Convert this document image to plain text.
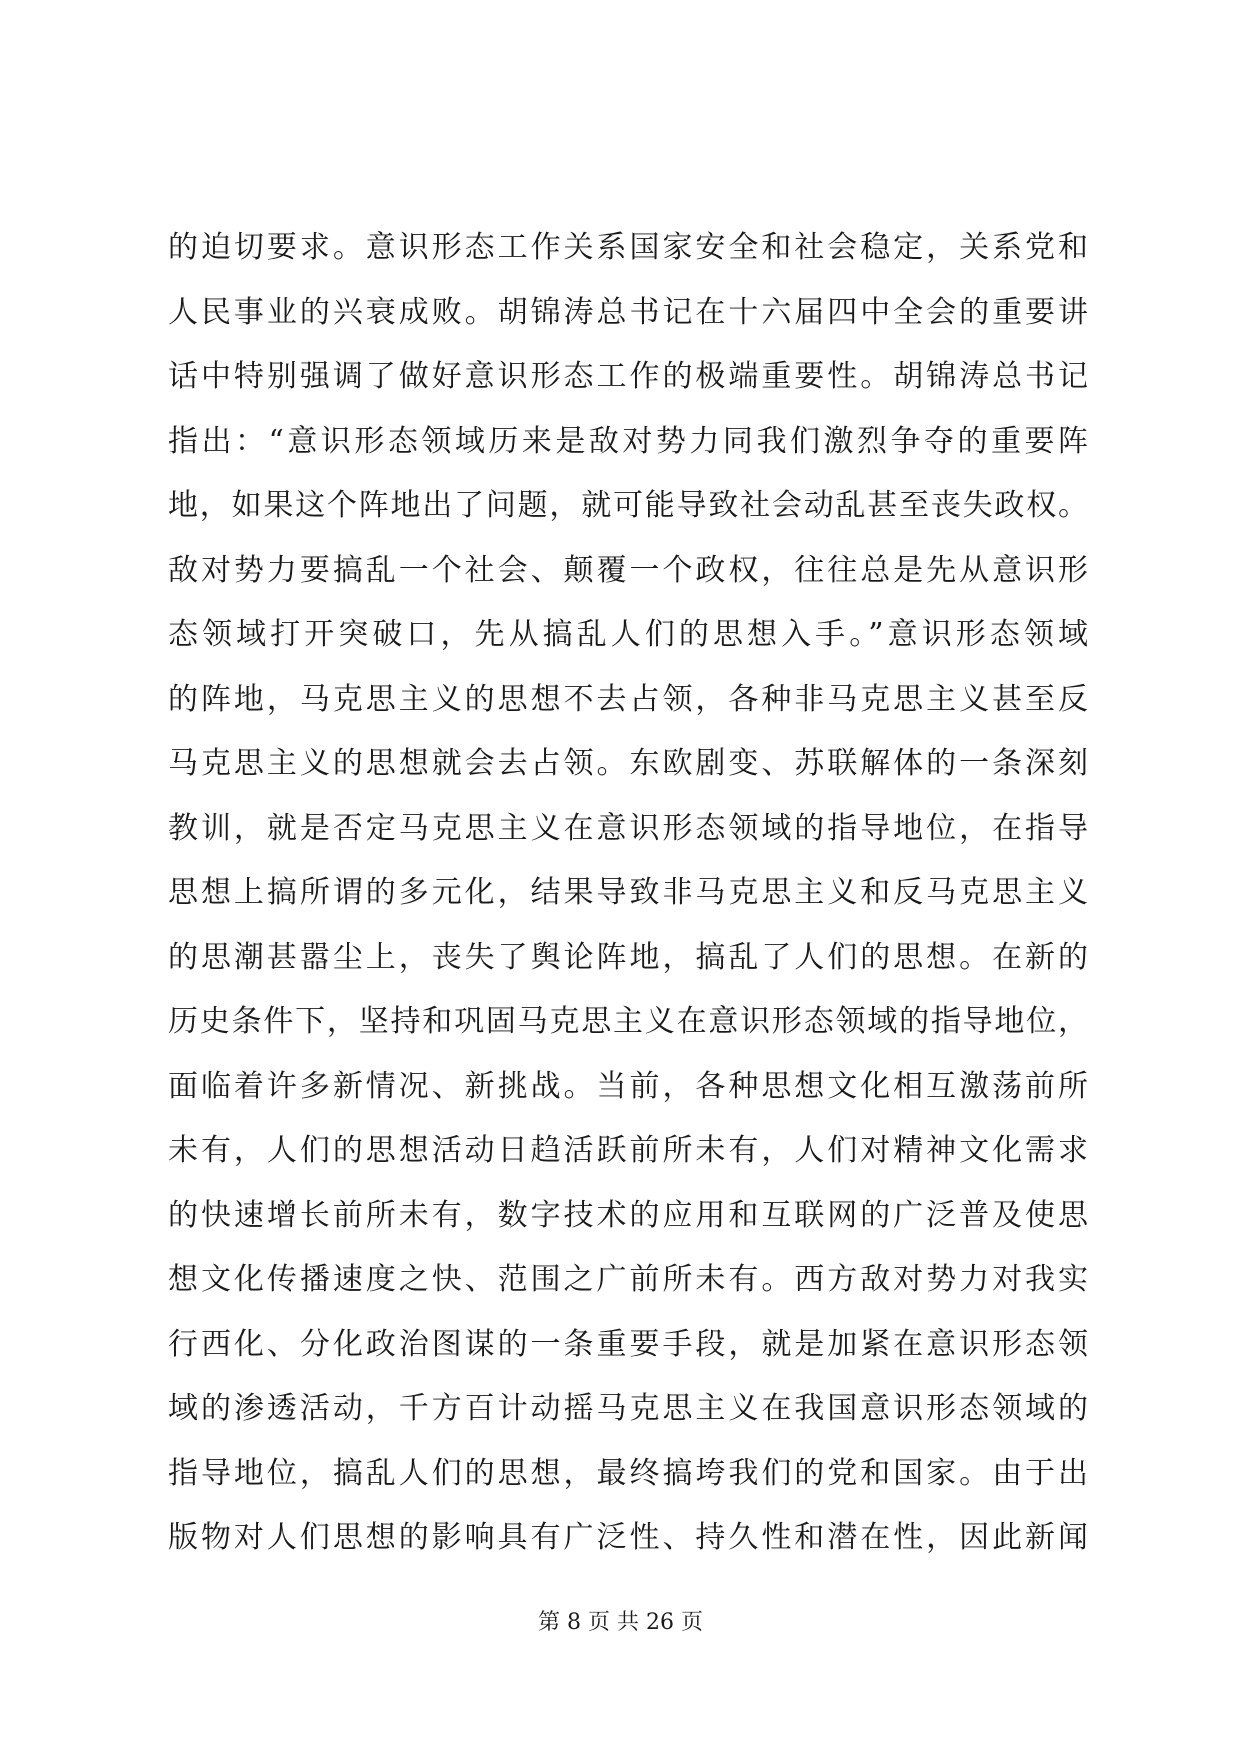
的迫切要求。意识形态工作关系国家安全和社会稳定，关系党和
人民事业的兴衰成败。胡锦涛总书记在十六届四中全会的重要讲
话中特别强调了做好意识形态工作的极端重要性。胡锦涛总书记
指出：“意识形态领域历来是敌对势力同我们激烈争夺的重要阵
地，如果这个阵地出了问题，就可能导致社会动乱甚至丧失政权。
敌对势力要搞乱一个社会、颠覆一个政权，往往总是先从意识形
态领域打开突破口，先从搞乱人们的思想入手。”意识形态领域
的阵地，马克思主义的思想不去占领，各种非马克思主义甚至反
马克思主义的思想就会去占领。东欧剧变、苏联解体的一条深刻
教训，就是否定马克思主义在意识形态领域的指导地位，在指导
思想上搞所谓的多元化，结果导致非马克思主义和反马克思主义
的思潮甚嚣尘上，丧失了舆论阵地，搞乱了人们的思想。在新的
历史条件下，坚持和巩固马克思主义在意识形态领域的指导地位，
面临着许多新情况、新挑战。当前，各种思想文化相互激荡前所
未有，人们的思想活动日趋活跃前所未有，人们对精神文化需求
的快速增长前所未有，数字技术的应用和互联网的广泛普及使思
想文化传播速度之快、范围之广前所未有。西方敌对势力对我实
行西化、分化政治图谋的一条重要手段，就是加紧在意识形态领
域的渗透活动，千方百计动摇马克思主义在我国意识形态领域的
指导地位，搞乱人们的思想，最终搞垮我们的党和国家。由于出
版物对人们思想的影响具有广泛性、持久性和潜在性，因此新闻
第 8 页 共 26 页
